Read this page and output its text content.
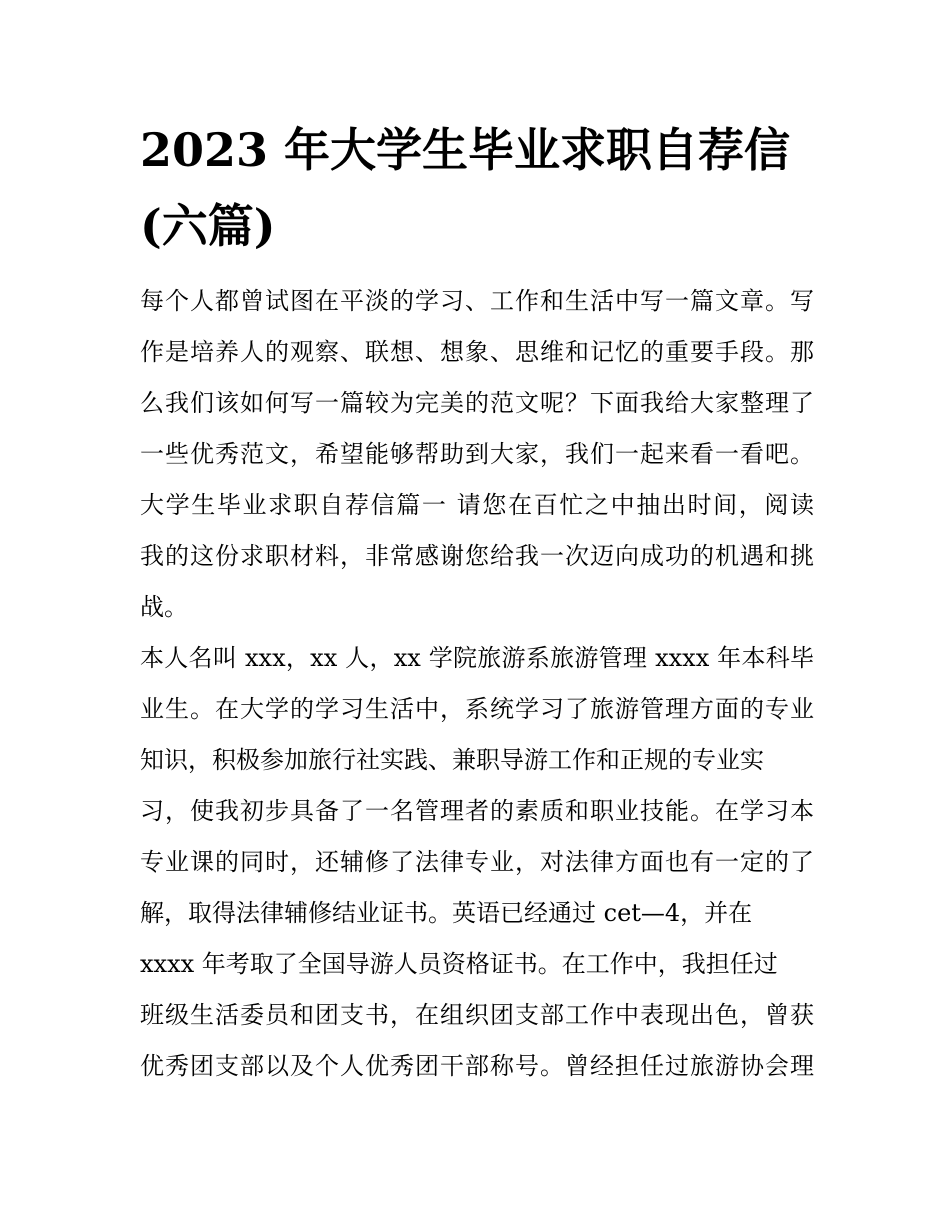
2023 年大学生毕业求职自荐信
(六篇)
每个人都曾试图在平淡的学习、工作和生活中写一篇文章。写
作是培养人的观察、联想、想象、思维和记忆的重要手段。那
么我们该如何写一篇较为完美的范文呢？下面我给大家整理了
一些优秀范文，希望能够帮助到大家，我们一起来看一看吧。
大学生毕业求职自荐信篇一 请您在百忙之中抽出时间，阅读
我的这份求职材料，非常感谢您给我一次迈向成功的机遇和挑
战。
本人名叫 xxx，xx 人，xx 学院旅游系旅游管理 xxxx 年本科毕
业生。在大学的学习生活中，系统学习了旅游管理方面的专业
知识，积极参加旅行社实践、兼职导游工作和正规的专业实
习，使我初步具备了一名管理者的素质和职业技能。在学习本
专业课的同时，还辅修了法律专业，对法律方面也有一定的了
解，取得法律辅修结业证书。英语已经通过 cet—4，并在
xxxx 年考取了全国导游人员资格证书。在工作中，我担任过
班级生活委员和团支书，在组织团支部工作中表现出色，曾获
优秀团支部以及个人优秀团干部称号。曾经担任过旅游协会理
